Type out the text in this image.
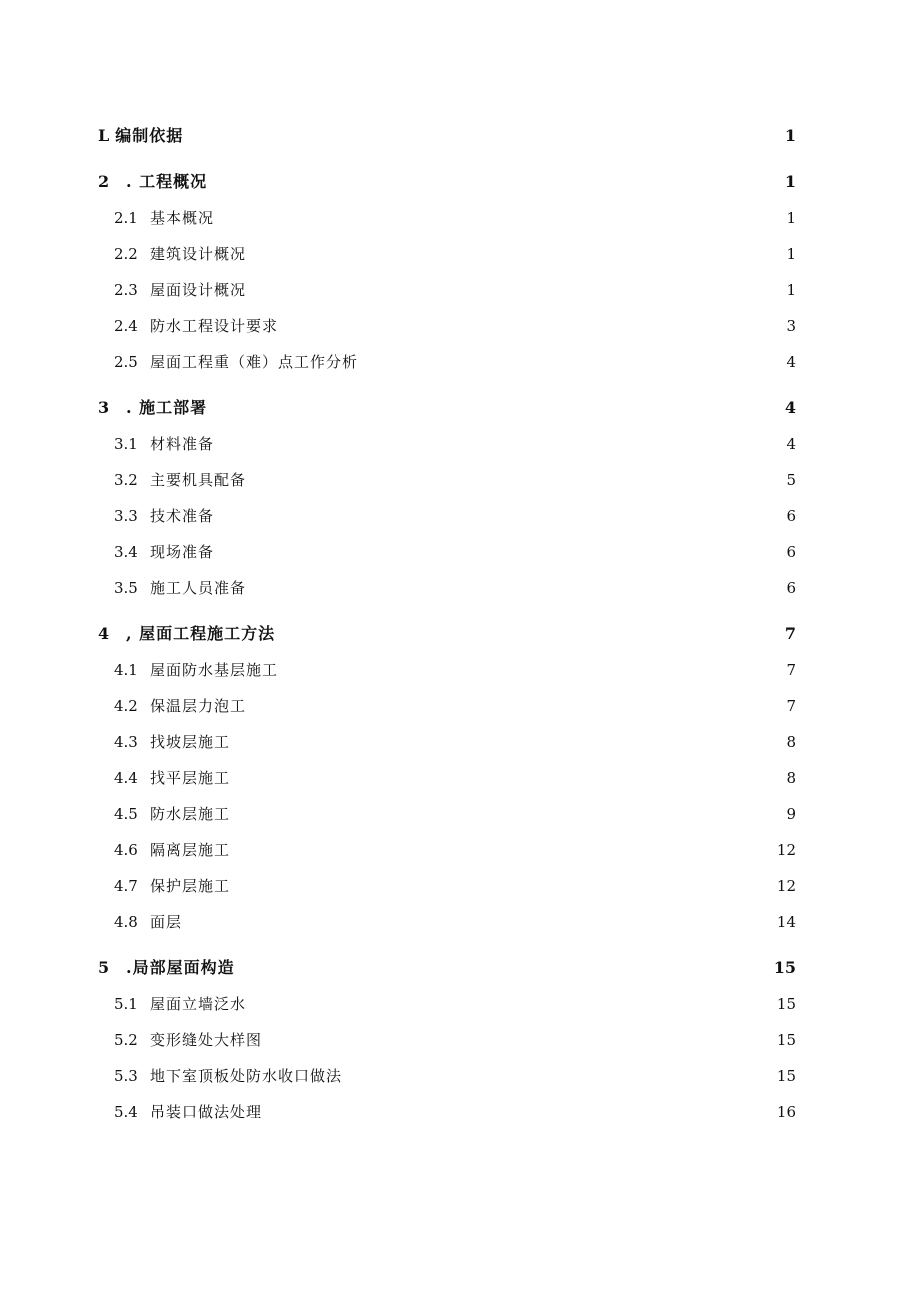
L 编制依据 . . .	1
2	. 工程概况 . . .	1
2.1 基本概况 . . .	1
2.2 建筑设计概况 . . .	1
2.3 屋面设计概况 . . .	1
2.4 防水工程设计要求 . . .	3
2.5 屋面工程重（难）点工作分析 . . .	4
3	. 施工部署 . . .	4
3.1 材料准备 . . .	4
3.2 主要机具配备 . . .	5
3.3 技术准备 . . .	6
3.4 现场准备 . . .	6
3.5 施工人员准备 . . .	6
4	, 屋面工程施工方法 . . .	7
4.1 屋面防水基层施工 . . .	7
4.2 保温层力泡工 . . .	7
4.3 找坡层施工 . . .	8
4.4 找平层施工 . . .	8
4.5 防水层施工 . . .	9
4.6 隔离层施工 . . .	12
4.7 保护层施工 . . .	12
4.8 面层 . . .	14
5	.局部屋面构造 . . .	15
5.1 屋面立墙泛水 . . .	15
5.2 变形缝处大样图 . . .	15
5.3 地下室顶板处防水收口做法 . . .	15
5.4 吊装口做法处理 . . .	16
